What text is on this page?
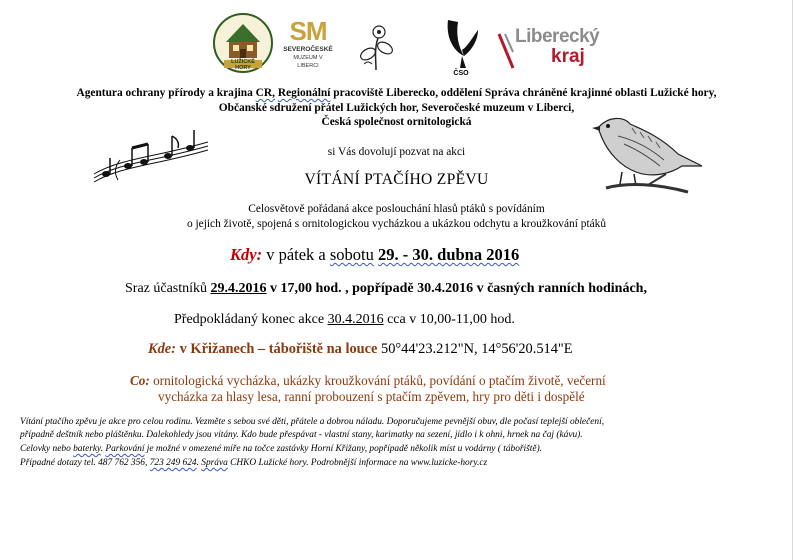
LUŽICKÉ HORY
SM
SEVEROČESKÉ
MUZEUM V LIBERCI
ČSO
Liberecký
kraj
Agentura ochrany přírody a krajina CR, Regionální pracoviště Liberecko, oddělení Správa chráněné krajinné oblasti Lužické hory,
Občanské sdružení přátel Lužických hor, Severočeské muzeum v Liberci,
Česká společnost ornitologická
si Vás dovolují pozvat na akci
VÍTÁNÍ PTAČÍHO ZPĚVU
Celosvětově pořádaná akce poslouchání hlasů ptáků s povídáním
o jejich životě, spojená s ornitologickou vycházkou a ukázkou odchytu a kroužkování ptáků
Kdy: v pátek a sobotu 29. - 30. dubna 2016
Sraz účastníků 29.4.2016 v 17,00 hod. , popřípadě 30.4.2016 v časných ranních hodinách,
Předpokládaný konec akce 30.4.2016 cca v 10,00-11,00 hod.
Kde: v Křižanech – tábořiště na louce 50°44'23.212"N, 14°56'20.514"E
Co: ornitologická vycházka, ukázky kroužkování ptáků, povídání o ptačím životě, večerní
vycházka za hlasy lesa, ranní probouzení s ptačím zpěvem, hry pro děti i dospělé
Vítání ptačího zpěvu je akce pro celou rodinu. Vezměte s sebou své děti, přátele a dobrou náladu. Doporučujeme pevnější obuv, dle počasí teplejší oblečení,
případně deštník nebo pláštěnku. Dalekohledy jsou vítány. Kdo bude přespávat - vlastní stany, karimatky na sezení, jídlo i k ohni, hrnek na čaj (kávu).
Celovky nebo baterky. Parkování je možné v omezené míře na točce zastávky Horní Křižany, popřípadě několik míst u vodárny ( tábořiště).
Případné dotazy tel. 487 762 356, 723 249 624. Správa CHKO Lužické hory. Podrobnější informace na www.luzicke-hory.cz
